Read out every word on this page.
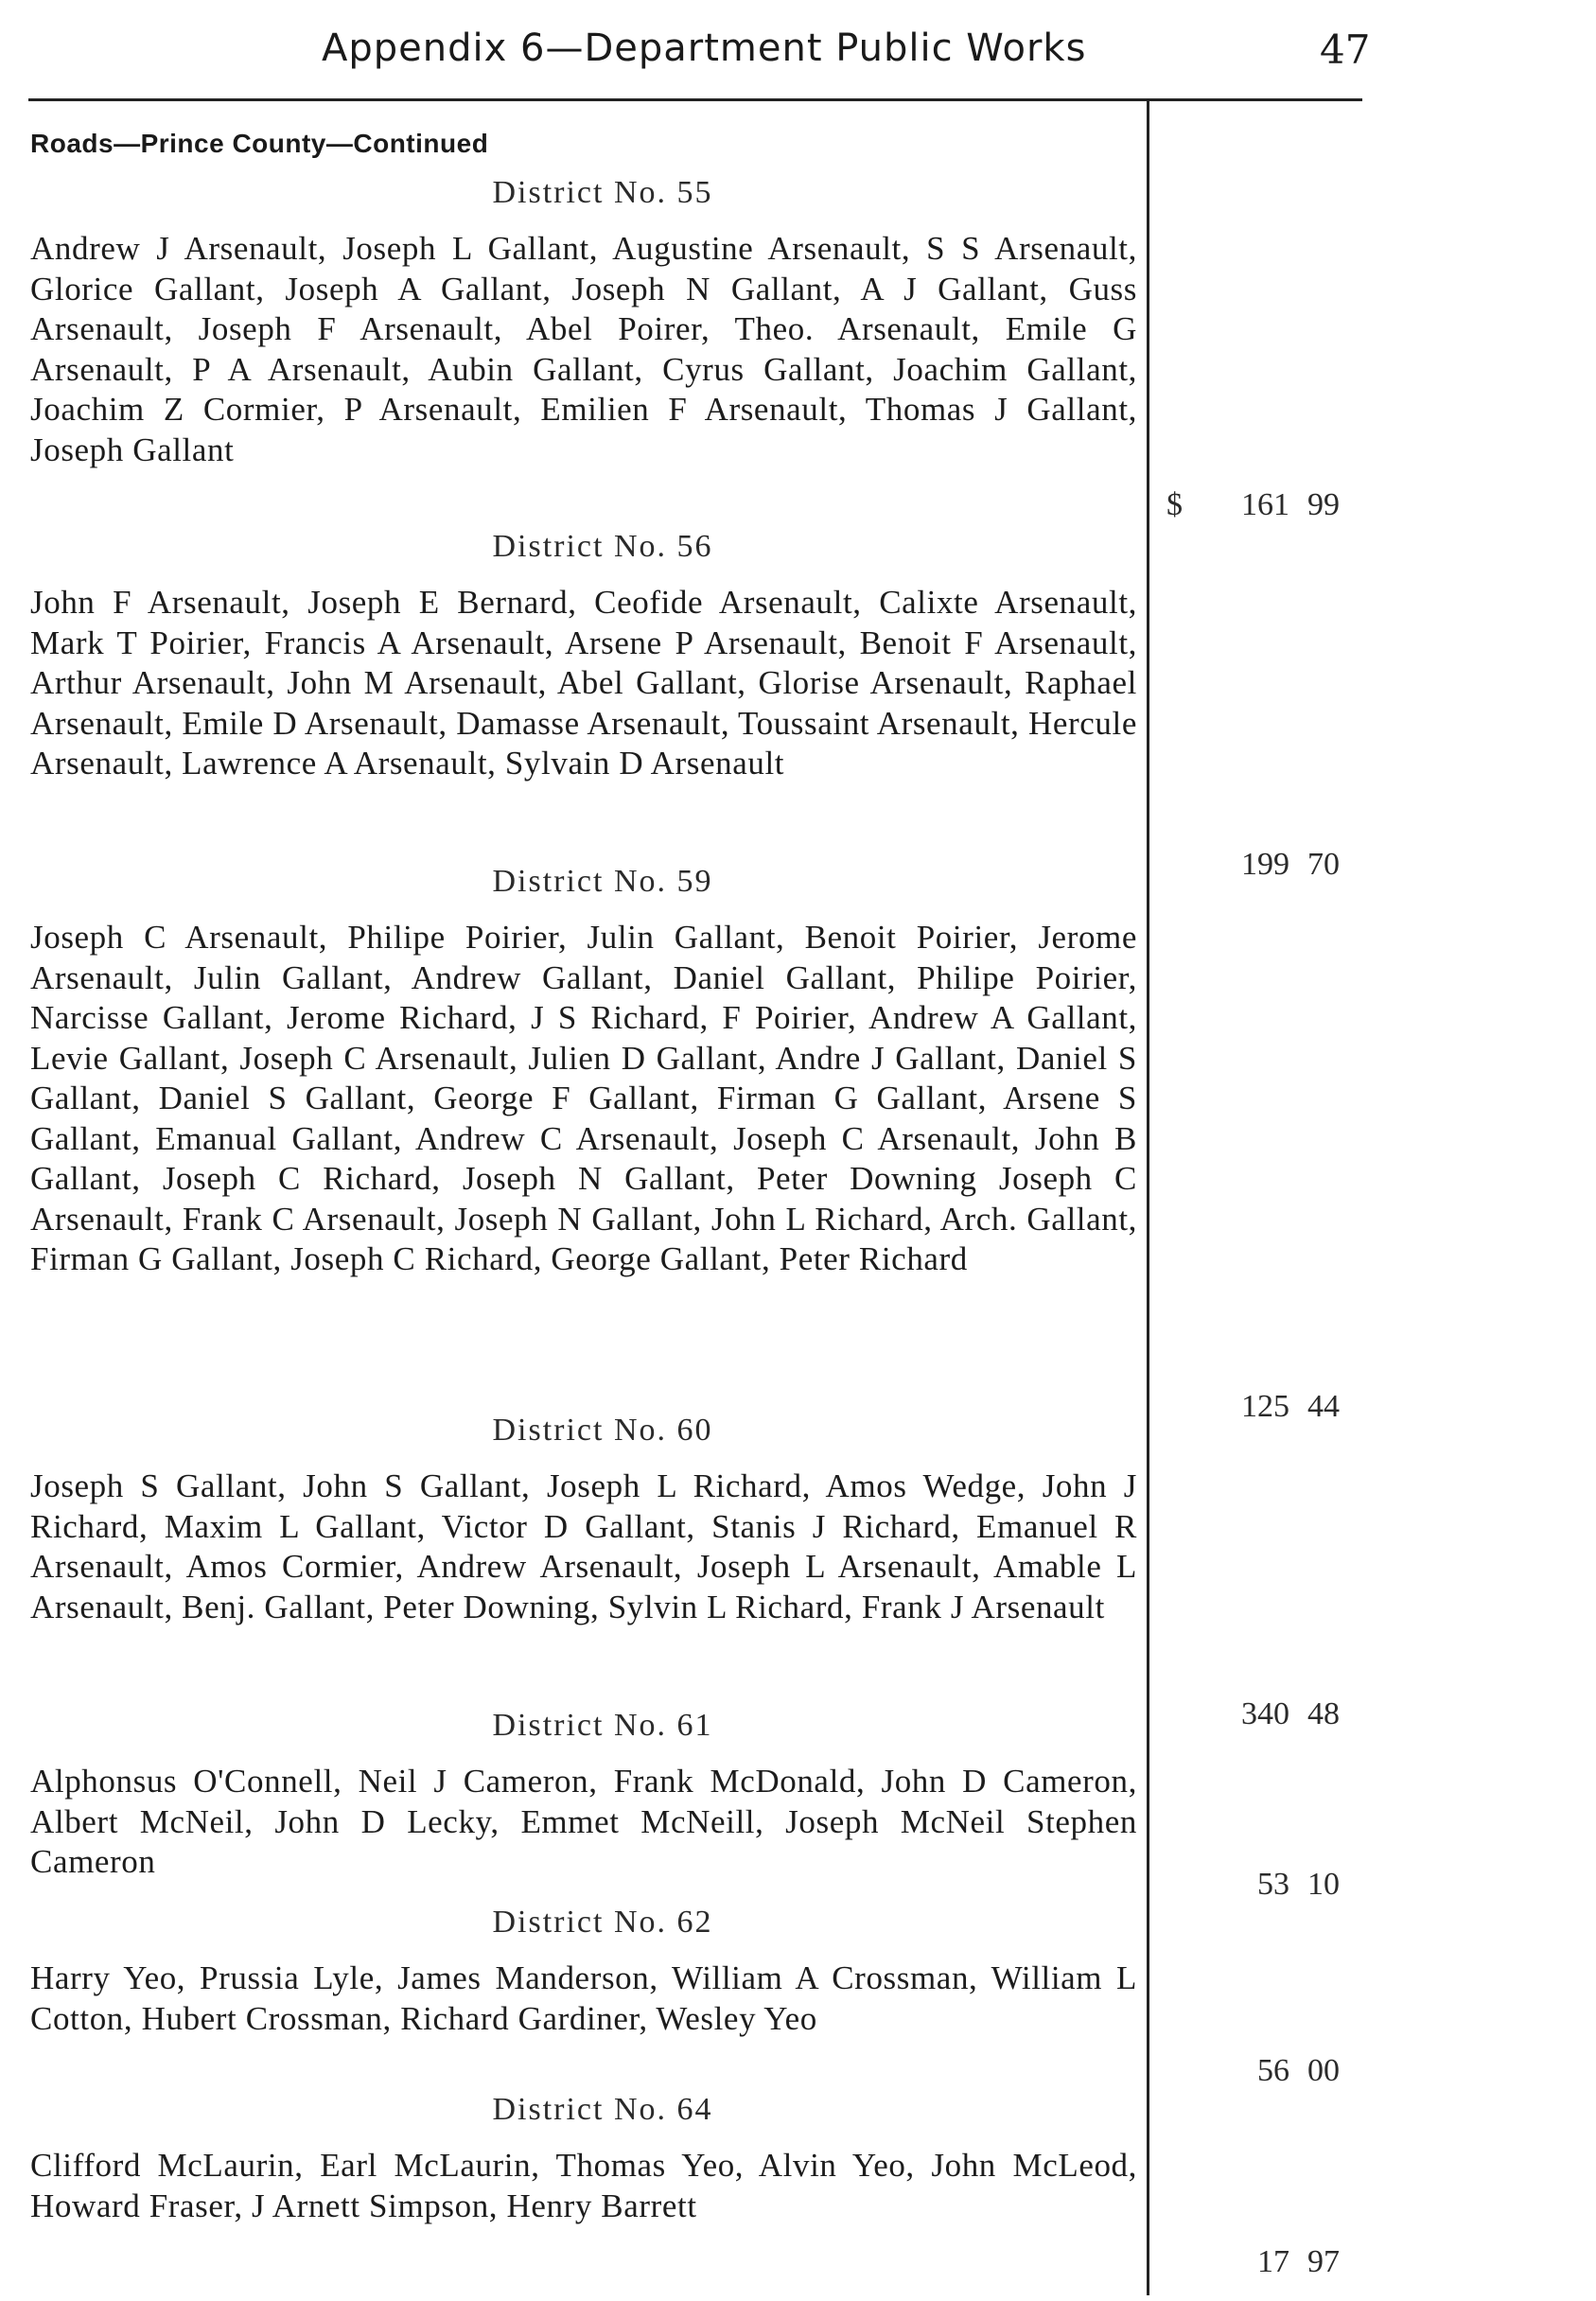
Appendix 6—Department Public Works	47
Roads—Prince County—Continued
District No. 55
Andrew J Arsenault, Joseph L Gallant, Augustine Arsenault, S S Arsenault, Glorice Gallant, Joseph A Gallant, Joseph N Gallant, A J Gallant, Guss Arsenault, Joseph F Arsenault, Abel Poirer, Theo. Arsenault, Emile G Arsenault, P A Arsenault, Aubin Gallant, Cyrus Gallant, Joachim Gallant, Joachim Z Cormier, P Arsenault, Emilien F Arsenault, Thomas J Gallant, Joseph Gallant
$ 161 99
District No. 56
John F Arsenault, Joseph E Bernard, Ceofide Arsenault, Calixte Arsenault, Mark T Poirier, Francis A Arsenault, Arsene P Arsenault, Benoit F Arsenault, Arthur Arsenault, John M Arsenault, Abel Gallant, Glorise Arsenault, Raphael Arsenault, Emile D Arsenault, Damasse Arsenault, Toussaint Arsenault, Hercule Arsenault, Lawrence A Arsenault, Sylvain D Arsenault
199 70
District No. 59
Joseph C Arsenault, Philipe Poirier, Julin Gallant, Benoit Poirier, Jerome Arsenault, Julin Gallant, Andrew Gallant, Daniel Gallant, Philipe Poirier, Narcisse Gallant, Jerome Richard, J S Richard, F Poirier, Andrew A Gallant, Levie Gallant, Joseph C Arsenault, Julien D Gallant, Andre J Gallant, Daniel S Gallant, Daniel S Gallant, George F Gallant, Firman G Gallant, Arsene S Gallant, Emanual Gallant, Andrew C Arsenault, Joseph C Arsenault, John B Gallant, Joseph C Richard, Joseph N Gallant, Peter Downing Joseph C Arsenault, Frank C Arsenault, Joseph N Gallant, John L Richard, Arch. Gallant, Firman G Gallant, Joseph C Richard, George Gallant, Peter Richard
125 44
District No. 60
Joseph S Gallant, John S Gallant, Joseph L Richard, Amos Wedge, John J Richard, Maxim L Gallant, Victor D Gallant, Stanis J Richard, Emanuel R Arsenault, Amos Cormier, Andrew Arsenault, Joseph L Arsenault, Amable L Arsenault, Benj. Gallant, Peter Downing, Sylvin L Richard, Frank J Arsenault
340 48
District No. 61
Alphonsus O'Connell, Neil J Cameron, Frank McDonald, John D Cameron, Albert McNeil, John D Lecky, Emmet McNeill, Joseph McNeil Stephen Cameron
53 10
District No. 62
Harry Yeo, Prussia Lyle, James Manderson, William A Crossman, William L Cotton, Hubert Crossman, Richard Gardiner, Wesley Yeo
56 00
District No. 64
Clifford McLaurin, Earl McLaurin, Thomas Yeo, Alvin Yeo, John McLeod, Howard Fraser, J Arnett Simpson, Henry Barrett
17 97
